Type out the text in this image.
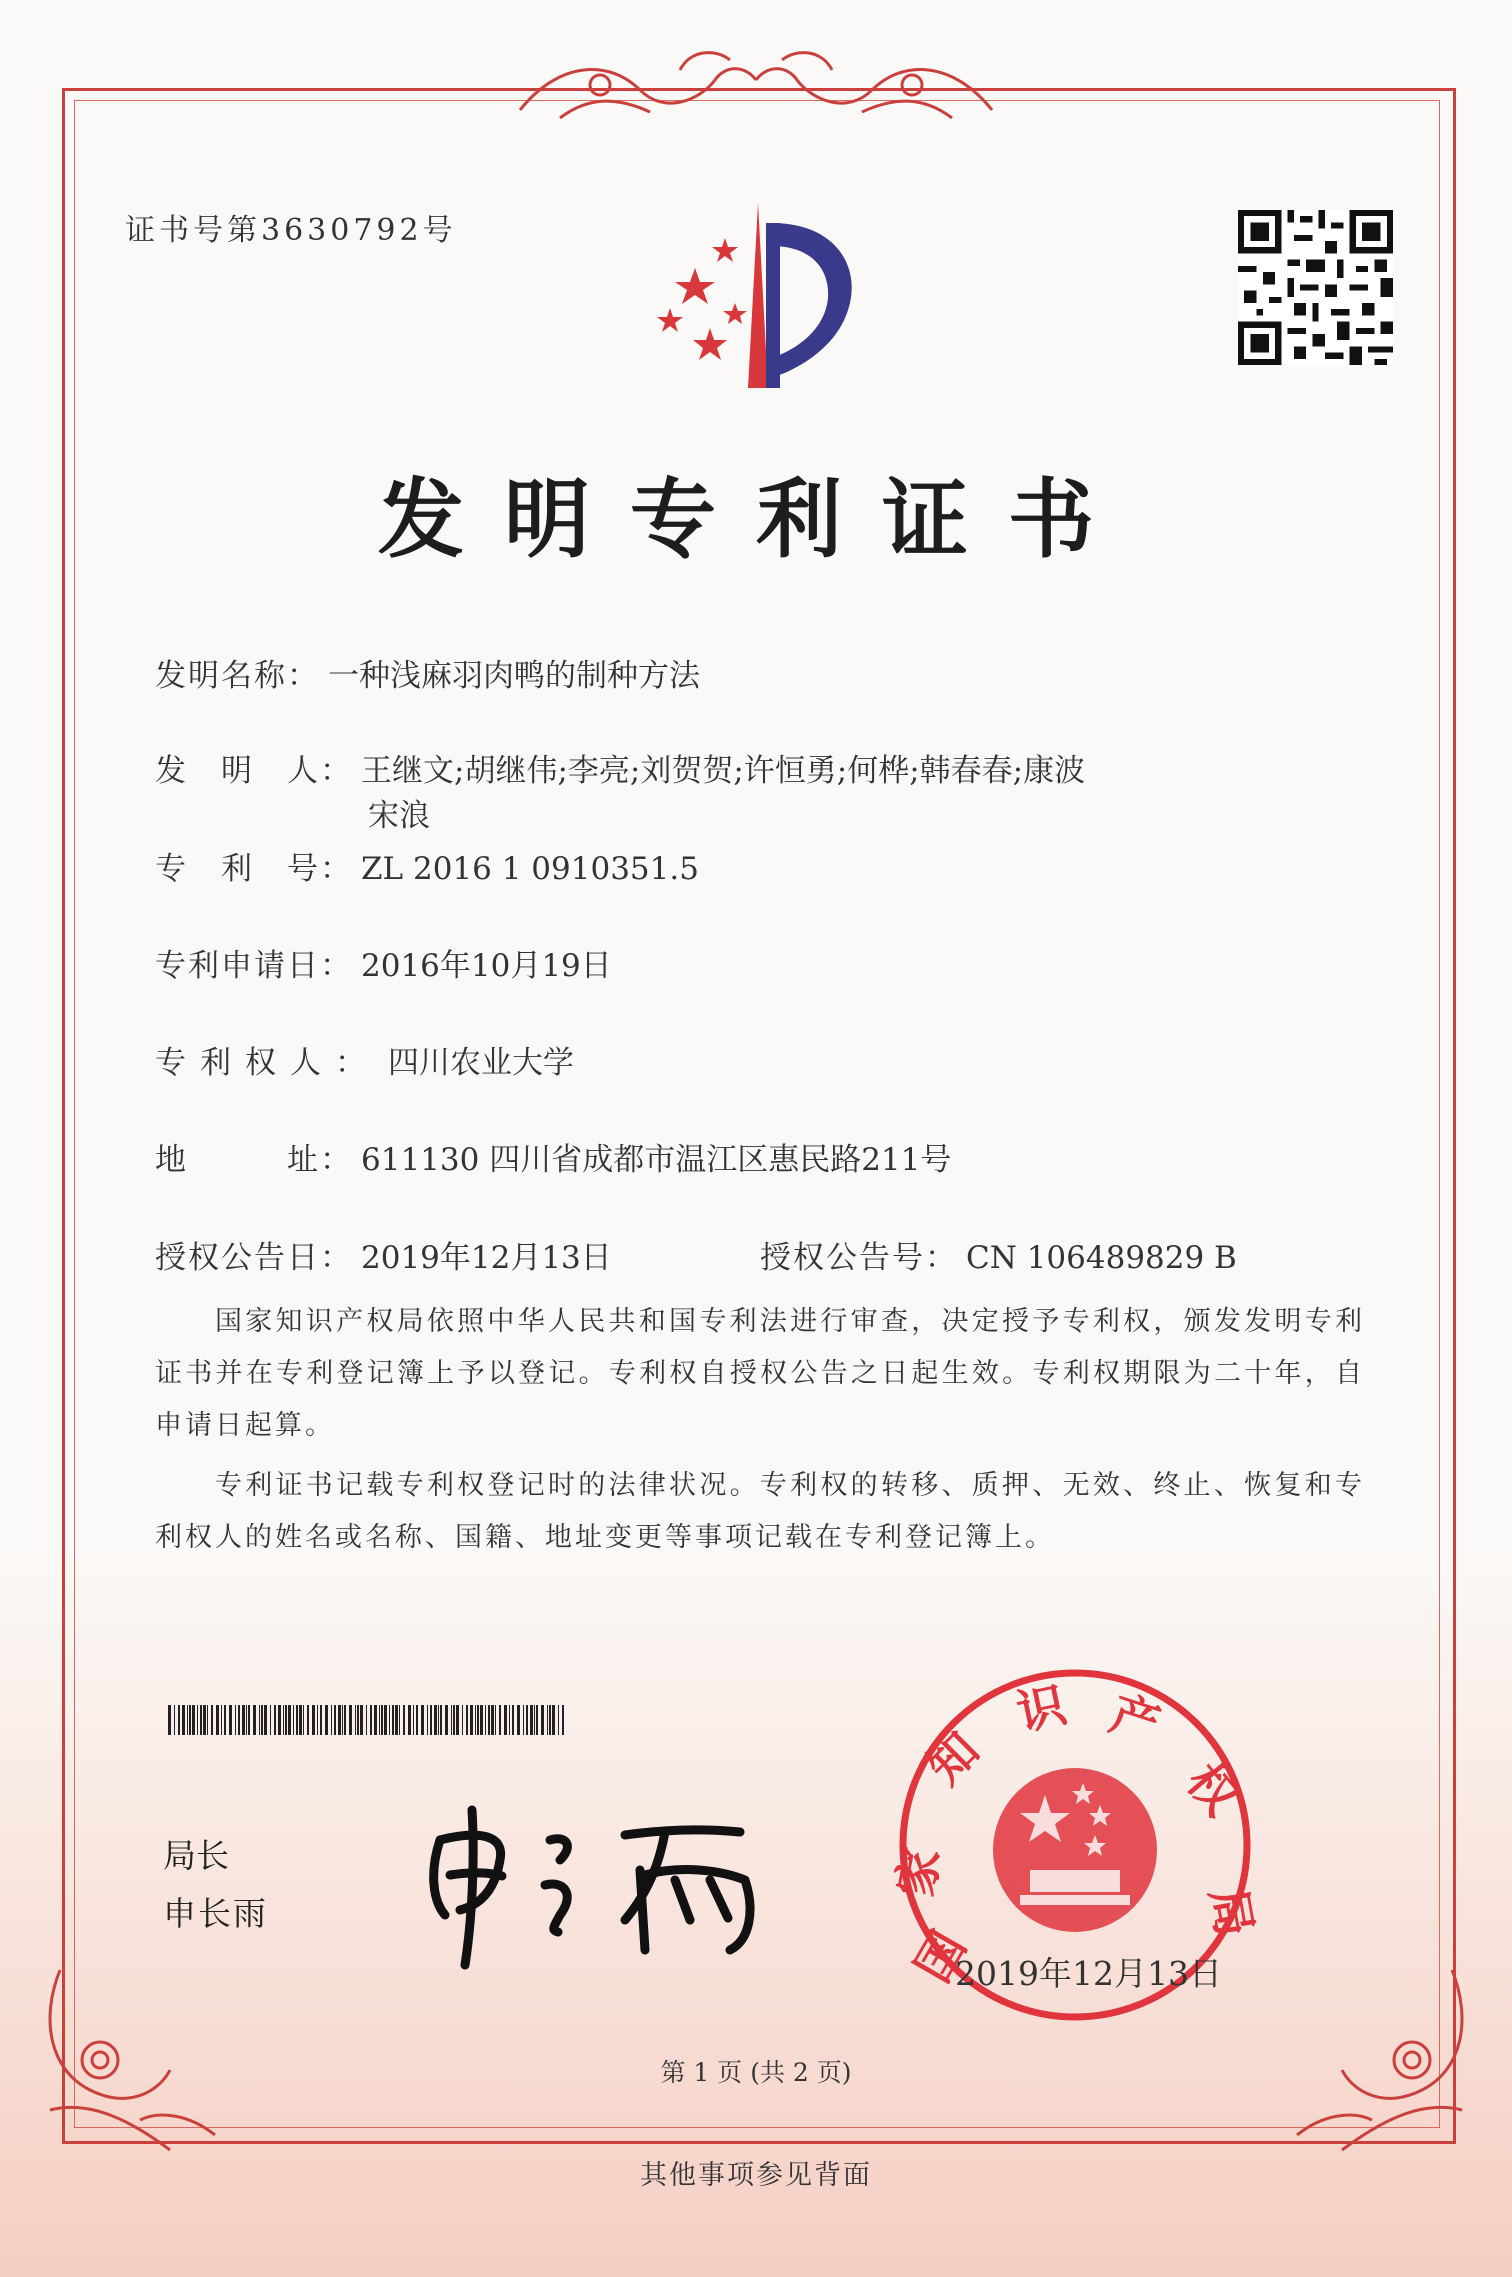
证书号第3630792号
发明专利证书
发明名称： 一种浅麻羽肉鸭的制种方法
发　明　人： 王继文;胡继伟;李亮;刘贺贺;许恒勇;何桦;韩春春;康波
宋浪
专　利　号： ZL 2016 1 0910351.5
专利申请日： 2016年10月19日
专利权人： 四川农业大学
地　　　址： 611130 四川省成都市温江区惠民路211号
授权公告日： 2019年12月13日	授权公告号： CN 106489829 B

国家知识产权局依照中华人民共和国专利法进行审查，决定授予专利权，颁发发明专利证书并在专利登记簿上予以登记。专利权自授权公告之日起生效。专利权期限为二十年，自申请日起算。

专利证书记载专利权登记时的法律状况。专利权的转移、质押、无效、终止、恢复和专利权人的姓名或名称、国籍、地址变更等事项记载在专利登记簿上。

局长
申长雨
国
家
知
识 产
权
局
2019年12月13日
第 1 页 (共 2 页)
其他事项参见背面
